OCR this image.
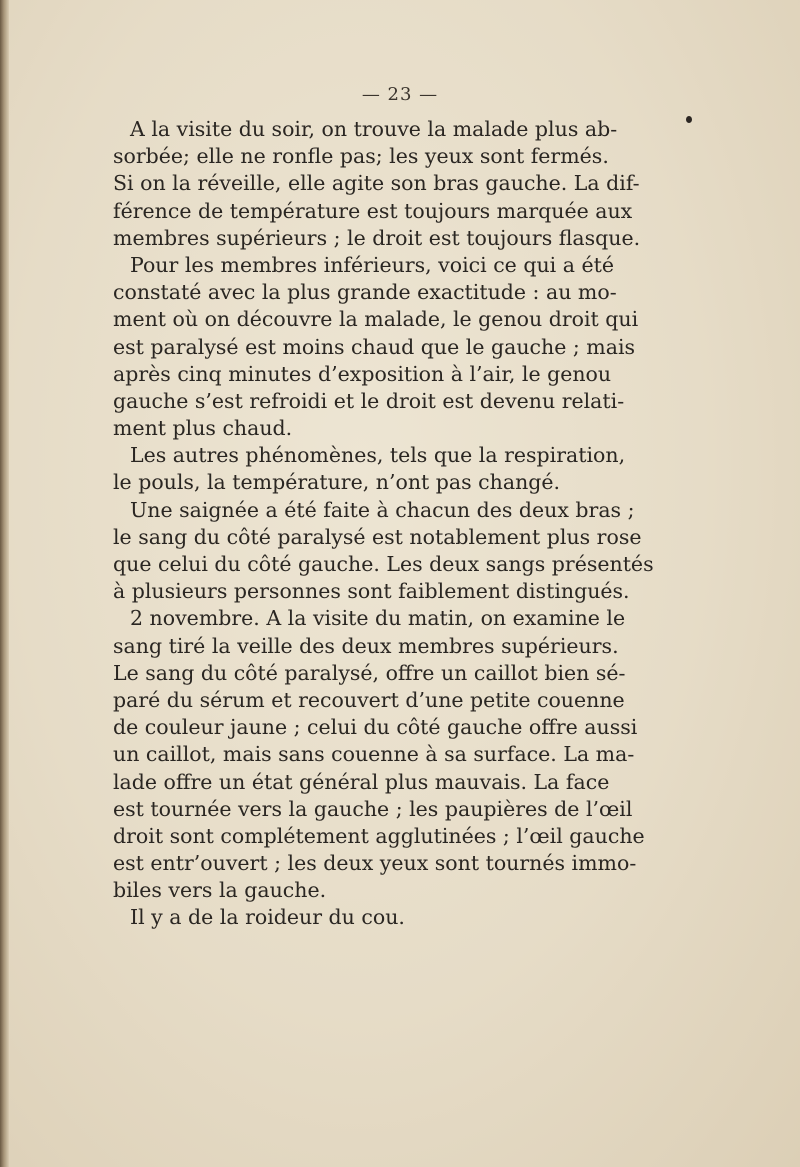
— 23 —
A la visite du soir, on trouve la malade plus ab-
sorbée; elle ne ronfle pas; les yeux sont fermés.
Si on la réveille, elle agite son bras gauche. La dif-
férence de température est toujours marquée aux
membres supérieurs ; le droit est toujours flasque.
Pour les membres inférieurs, voici ce qui a été
constaté avec la plus grande exactitude : au mo-
ment où on découvre la malade, le genou droit qui
est paralysé est moins chaud que le gauche ; mais
après cinq minutes d’exposition à l’air, le genou
gauche s’est refroidi et le droit est devenu relati-
ment plus chaud.
Les autres phénomènes, tels que la respiration,
le pouls, la température, n’ont pas changé.
Une saignée a été faite à chacun des deux bras ;
le sang du côté paralysé est notablement plus rose
que celui du côté gauche. Les deux sangs présentés
à plusieurs personnes sont faiblement distingués.
2 novembre. A la visite du matin, on examine le
sang tiré la veille des deux membres supérieurs.
Le sang du côté paralysé, offre un caillot bien sé-
paré du sérum et recouvert d’une petite couenne
de couleur jaune ; celui du côté gauche offre aussi
un caillot, mais sans couenne à sa surface. La ma-
lade offre un état général plus mauvais. La face
est tournée vers la gauche ; les paupières de l’œil
droit sont complétement agglutinées ; l’œil gauche
est entr’ouvert ; les deux yeux sont tournés immo-
biles vers la gauche.
Il y a de la roideur du cou.
